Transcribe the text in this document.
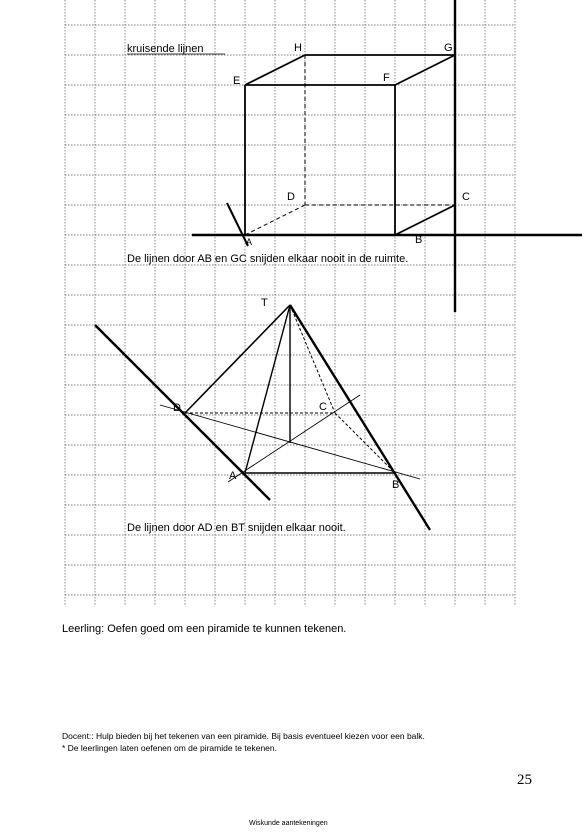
kruisende lijnen	H	G
E	F
D	C
A	B
De lijnen door AB en GC snijden elkaar nooit in de ruimte.
T
D	C
A
B
De lijnen door AD en BT snijden elkaar nooit.
Leerling: Oefen goed om een piramide te kunnen tekenen.
Docent:: Hulp bieden bij het tekenen van een piramide. Bij basis eventueel kiezen voor een balk.
* De leerlingen laten oefenen om de piramide te tekenen.
25
Wiskunde aantekeningen
